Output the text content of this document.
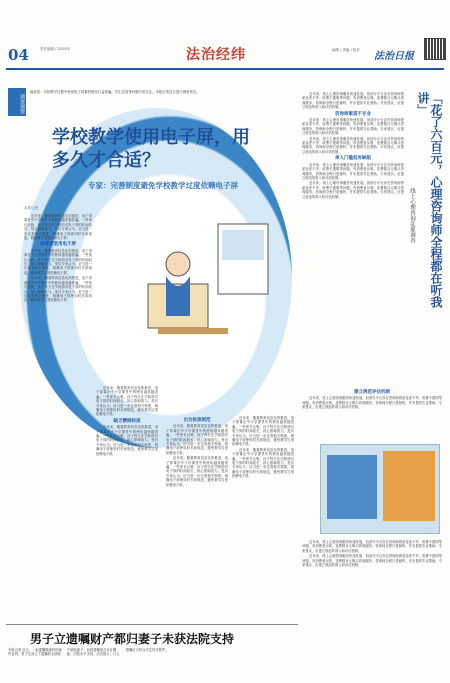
04	责任编辑 / 2025年	法治经纬	编辑 / 美编 / 校对
法治日报
调查观察
编者按：学校教学过程中使用电子屏幕的情况日益普遍，学生近视等问题引发关注。本报记者近日进行调查采访。
学校教学使用电子屏，用多久才合适？
专家：完善制度避免学校教学过度依赖电子屏
本报记者

近年来，随着教育信息化的推进，电子屏幕在中小学课堂中的使用越来越普遍。一些家长反映，孩子每天在学校面对电子屏的时间较长，担心影响视力。受访专家认为，应当进一步完善相关制度，明确电子屏使用时长和规范，避免教学过度依赖电子屏。

屏幕课堂用电子屏

近年来，随着教育信息化的推进，电子屏幕在中小学课堂中的使用越来越普遍。一些家长反映，孩子每天在学校面对电子屏的时间较长，担心影响视力。受访专家认为，应当进一步完善相关制度，明确电子屏使用时长和规范，避免教学过度依赖电子屏。

近年来，随着教育信息化的推进，电子屏幕在中小学课堂中的使用越来越普遍。一些家长反映，孩子每天在学校面对电子屏的时间较长，担心影响视力。受访专家认为，应当进一步完善相关制度，明确电子屏使用时长和规范，避免教学过度依赖电子屏。

近年来，随着教育信息化的推进，电子屏幕在中小学课堂中的使用越来越普遍。一些家长反映，孩子每天在学校面对电子屏的时间较长，担心影响视力。受访专家认为，应当进一步完善相关制度，明确电子屏使用时长和规范，避免教学过度依赖电子屏。

缺乏精细标准

近年来，随着教育信息化的推进，电子屏幕在中小学课堂中的使用越来越普遍。一些家长反映，孩子每天在学校面对电子屏的时间较长，担心影响视力。受访专家认为，应当进一步完善相关制度，明确电子屏使用时长和规范，避免教学过度依赖电子屏。

出台标准规范

近年来，随着教育信息化的推进，电子屏幕在中小学课堂中的使用越来越普遍。一些家长反映，孩子每天在学校面对电子屏的时间较长，担心影响视力。受访专家认为，应当进一步完善相关制度，明确电子屏使用时长和规范，避免教学过度依赖电子屏。

近年来，随着教育信息化的推进，电子屏幕在中小学课堂中的使用越来越普遍。一些家长反映，孩子每天在学校面对电子屏的时间较长，担心影响视力。受访专家认为，应当进一步完善相关制度，明确电子屏使用时长和规范，避免教学过度依赖电子屏。

近年来，随着教育信息化的推进，电子屏幕在中小学课堂中的使用越来越普遍。一些家长反映，孩子每天在学校面对电子屏的时间较长，担心影响视力。受访专家认为，应当进一步完善相关制度，明确电子屏使用时长和规范，避免教学过度依赖电子屏。

近年来，随着教育信息化的推进，电子屏幕在中小学课堂中的使用越来越普遍。一些家长反映，孩子每天在学校面对电子屏的时间较长，担心影响视力。受访专家认为，应当进一步完善相关制度，明确电子屏使用时长和规范，避免教学过度依赖电子屏。

「花了六百元，心理咨询师全程都在听我讲」
线上心理咨询乱象调查

近年来，线上心理咨询服务快速发展，但部分平台存在咨询师资质参差不齐、收费不透明等问题。有消费者反映，花费数百元购买咨询服务，咨询师全程只是倾听，并未提供专业帮助。专家建议，应建立规范的准入和评估机制。

咨询师素质不专业

近年来，线上心理咨询服务快速发展，但部分平台存在咨询师资质参差不齐、收费不透明等问题。有消费者反映，花费数百元购买咨询服务，咨询师全程只是倾听，并未提供专业帮助。专家建议，应建立规范的准入和评估机制。

近年来，线上心理咨询服务快速发展，但部分平台存在咨询师资质参差不齐、收费不透明等问题。有消费者反映，花费数百元购买咨询服务，咨询师全程只是倾听，并未提供专业帮助。专家建议，应建立规范的准入和评估机制。

单人门槛低有缺陷

近年来，线上心理咨询服务快速发展，但部分平台存在咨询师资质参差不齐、收费不透明等问题。有消费者反映，花费数百元购买咨询服务，咨询师全程只是倾听，并未提供专业帮助。专家建议，应建立规范的准入和评估机制。

近年来，线上心理咨询服务快速发展，但部分平台存在咨询师资质参差不齐、收费不透明等问题。有消费者反映，花费数百元购买咨询服务，咨询师全程只是倾听，并未提供专业帮助。专家建议，应建立规范的准入和评估机制。

建立规范评估机制

近年来，线上心理咨询服务快速发展，但部分平台存在咨询师资质参差不齐、收费不透明等问题。有消费者反映，花费数百元购买咨询服务，咨询师全程只是倾听，并未提供专业帮助。专家建议，应建立规范的准入和评估机制。

近年来，线上心理咨询服务快速发展，但部分平台存在咨询师资质参差不齐、收费不透明等问题。有消费者反映，花费数百元购买咨询服务，咨询师全程只是倾听，并未提供专业帮助。专家建议，应建立规范的准入和评估机制。

近年来，线上心理咨询服务快速发展，但部分平台存在咨询师资质参差不齐、收费不透明等问题。有消费者反映，花费数百元购买咨询服务，咨询师全程只是倾听，并未提供专业帮助。专家建议，应建立规范的准入和评估机制。

男子立遗嘱财产都归妻子未获法院支持
本报记者 近日，一起遗嘱继承纠纷案件宣判。男子生前立下遗嘱将全部财产留给妻子，但因遗嘱形式存在瑕疵，法院未予支持。法官提示，订立遗嘱应当符合法定形式要件。
